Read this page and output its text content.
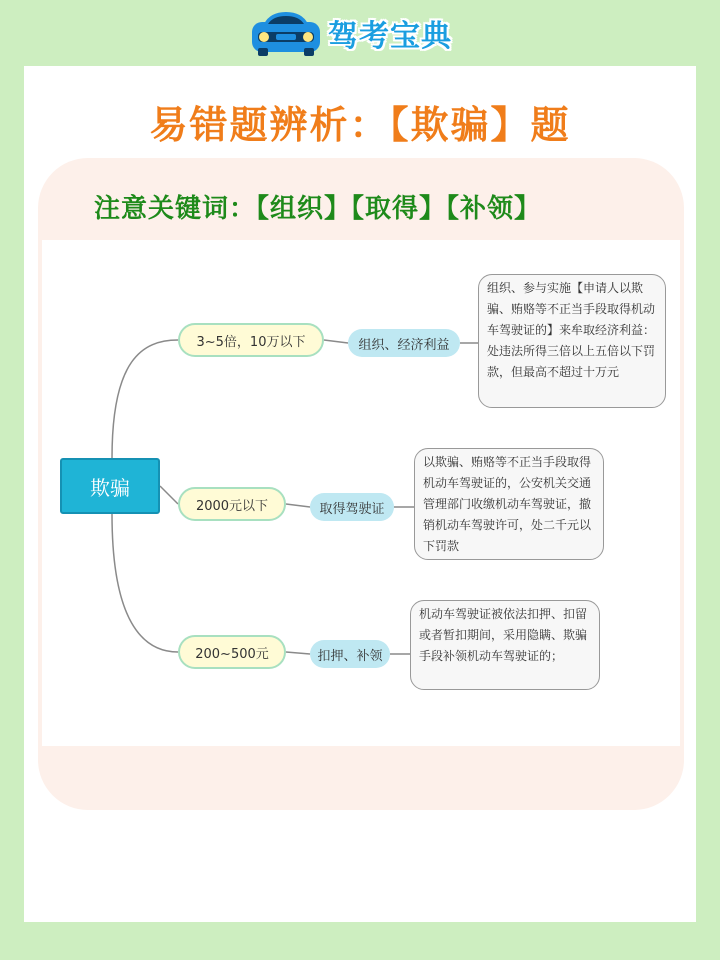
驾考宝典
易错题辨析：【欺骗】题
注意关键词：【组织】【取得】【补领】
欺骗
3~5倍，10万以下	组织、经济利益
组织、参与实施【申请人以欺骗、贿赂等不正当手段取得机动车驾驶证的】来牟取经济利益： 处违法所得三倍以上五倍以下罚款，但最高不超过十万元
2000元以下	取得驾驶证
以欺骗、贿赂等不正当手段取得机动车驾驶证的，公安机关交通管理部门收缴机动车驾驶证，撤销机动车驾驶许可，处二千元以下罚款
200~500元	扣押、补领
机动车驾驶证被依法扣押、扣留或者暂扣期间，采用隐瞒、欺骗手段补领机动车驾驶证的；
